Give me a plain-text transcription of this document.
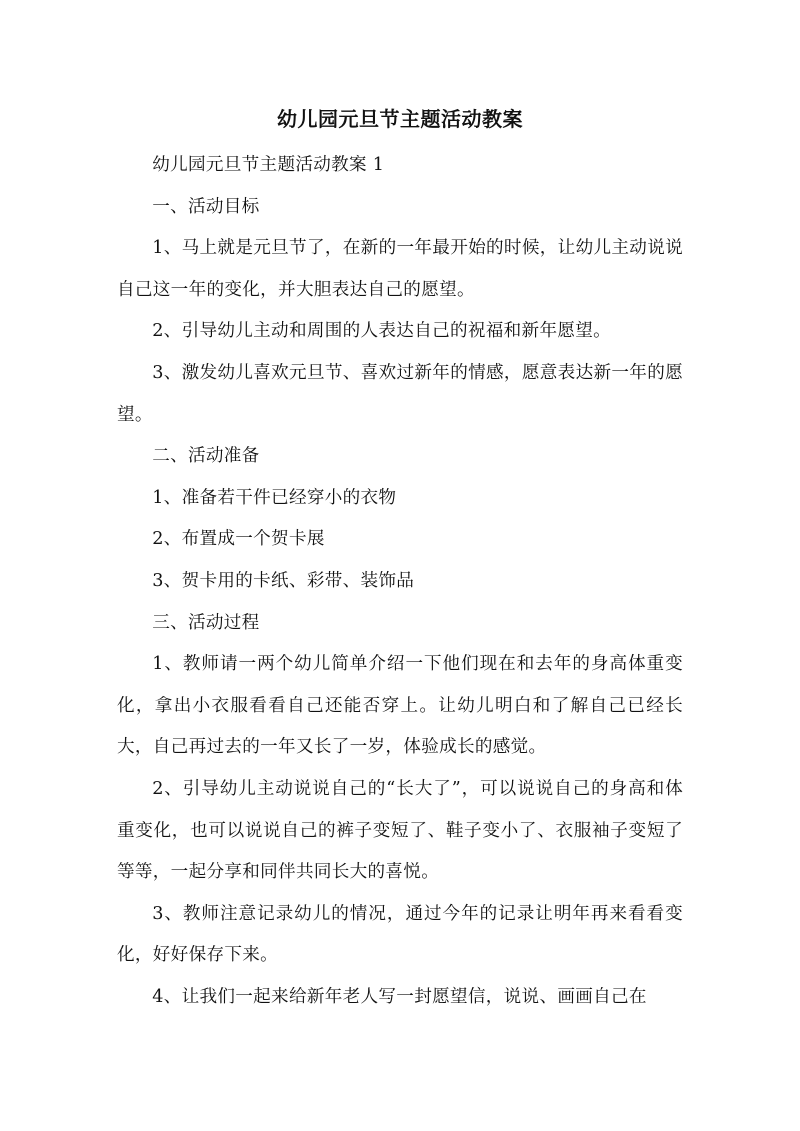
幼儿园元旦节主题活动教案

幼儿园元旦节主题活动教案 1

一、活动目标

1、马上就是元旦节了，在新的一年最开始的时候，让幼儿主动说说自己这一年的变化，并大胆表达自己的愿望。

2、引导幼儿主动和周围的人表达自己的祝福和新年愿望。

3、激发幼儿喜欢元旦节、喜欢过新年的情感，愿意表达新一年的愿望。

二、活动准备

1、准备若干件已经穿小的衣物

2、布置成一个贺卡展

3、贺卡用的卡纸、彩带、装饰品

三、活动过程

1、教师请一两个幼儿简单介绍一下他们现在和去年的身高体重变化，拿出小衣服看看自己还能否穿上。让幼儿明白和了解自己已经长大，自己再过去的一年又长了一岁，体验成长的感觉。

2、引导幼儿主动说说自己的“长大了”，可以说说自己的身高和体重变化，也可以说说自己的裤子变短了、鞋子变小了、衣服袖子变短了等等，一起分享和同伴共同长大的喜悦。

3、教师注意记录幼儿的情况，通过今年的记录让明年再来看看变化，好好保存下来。

4、让我们一起来给新年老人写一封愿望信，说说、画画自己在
